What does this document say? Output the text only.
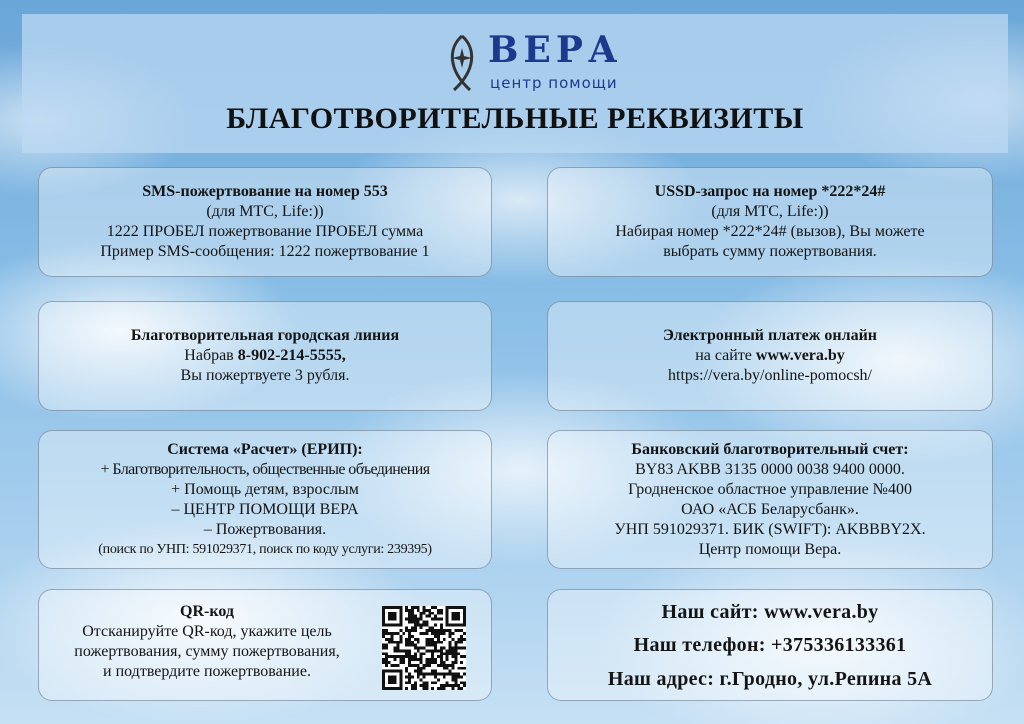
ВЕРА
центр помощи
БЛАГОТВОРИТЕЛЬНЫЕ РЕКВИЗИТЫ
SMS-пожертвование на номер 553
(для МТС, Life:))
1222 ПРОБЕЛ пожертвование ПРОБЕЛ сумма
Пример SMS-сообщения: 1222 пожертвование 1
USSD-запрос на номер *222*24#
(для МТС, Life:))
Набирая номер *222*24# (вызов), Вы можете
выбрать сумму пожертвования.
Благотворительная городская линия
Набрав 8-902-214-5555,
Вы пожертвуете 3 рубля.
Электронный платеж онлайн
на сайте www.vera.by
https://vera.by/online-pomocsh/
Система «Расчет» (ЕРИП):
+ Благотворительность, общественные объединения
+ Помощь детям, взрослым
– ЦЕНТР ПОМОЩИ ВЕРА
– Пожертвования.
(поиск по УНП: 591029371, поиск по коду услуги: 239395)
Банковский благотворительный счет:
BY83 AKBB 3135 0000 0038 9400 0000.
Гродненское областное управление №400
ОАО «АСБ Беларусбанк».
УНП 591029371. БИК (SWIFT): AKBBBY2X.
Центр помощи Вера.
QR-код
Отсканируйте QR-код, укажите цель
пожертвования, сумму пожертвования,
и подтвердите пожертвование.
Наш сайт: www.vera.by
Наш телефон: +375336133361
Наш адрес: г.Гродно, ул.Репина 5А
